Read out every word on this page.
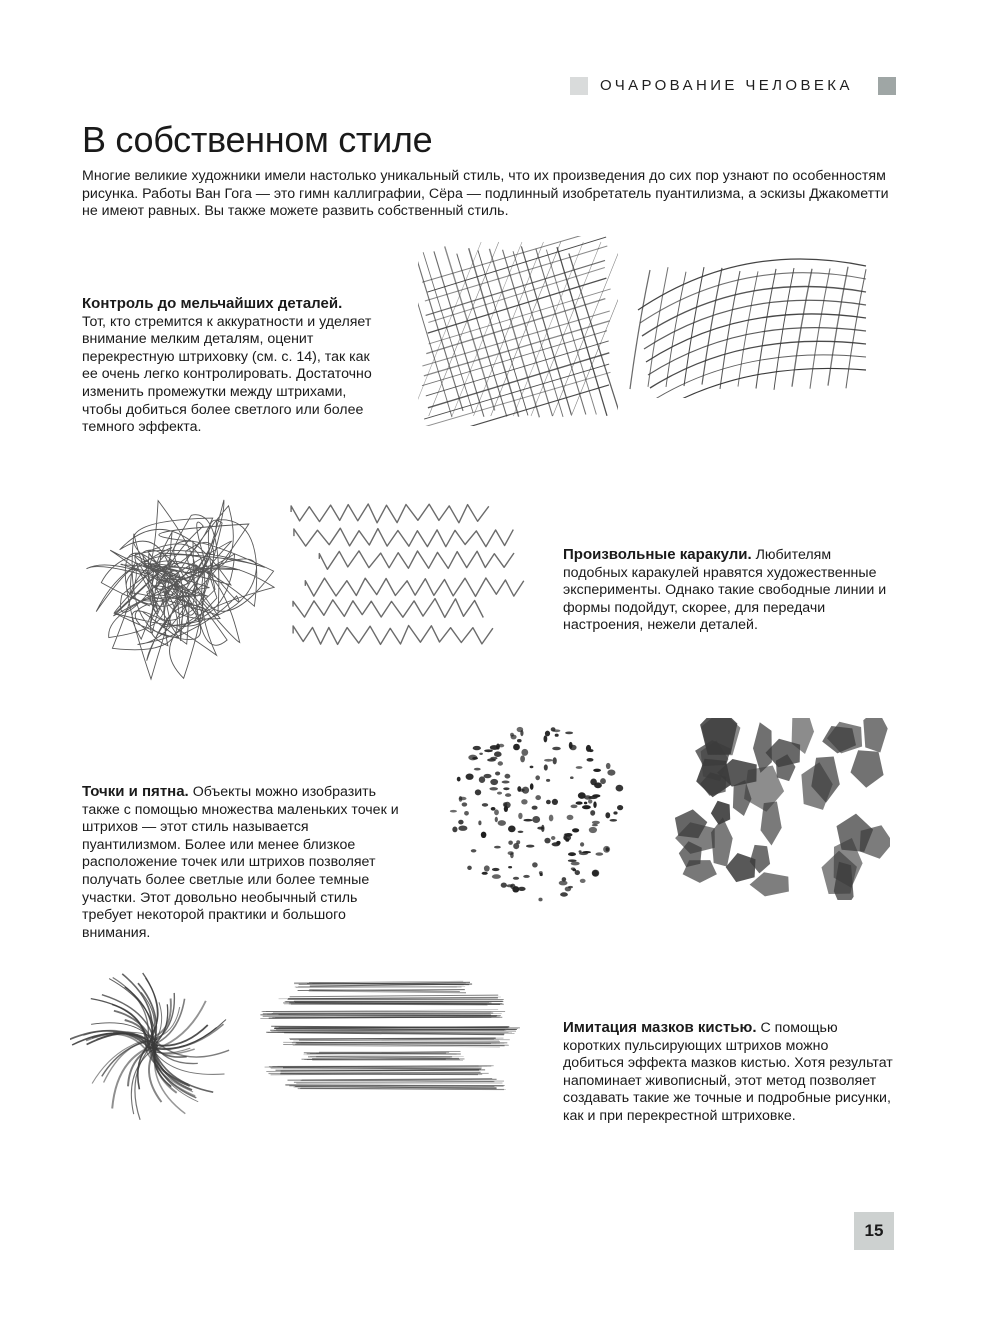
ОЧАРОВАНИЕ ЧЕЛОВЕКА
В собственном стиле

Многие великие художники имели настолько уникальный стиль, что их произведения до сих пор узнают по особенностям рисунка. Работы Ван Гога — это гимн каллиграфии, Сёра — подлинный изобретатель пуантилизма, а эскизы Джакометти не имеют равных. Вы также можете развить собственный стиль.

Контроль до мельчайших деталей.
Тот, кто стремится к аккуратности и уделяет внимание мелким деталям, оценит перекрестную штриховку (см. с. 14), так как ее очень легко контролировать. Достаточно изменить промежутки между штрихами, чтобы добиться более светлого или более темного эффекта.

Произвольные каракули. Любителям подобных каракулей нравятся художественные эксперименты. Однако такие свободные линии и формы подойдут, скорее, для передачи настроения, нежели деталей.

Точки и пятна. Объекты можно изобразить также с помощью множества маленьких точек и штрихов — этот стиль называется пуантилизмом. Более или менее близкое расположение точек или штрихов позволяет получать более светлые или более темные участки. Этот довольно необычный стиль требует некоторой практики и большого внимания.

Имитация мазков кистью. С помощью коротких пульсирующих штрихов можно добиться эффекта мазков кистью. Хотя результат напоминает живописный, этот метод позволяет создавать такие же точные и подробные рисунки, как и при перекрестной штриховке.

15
